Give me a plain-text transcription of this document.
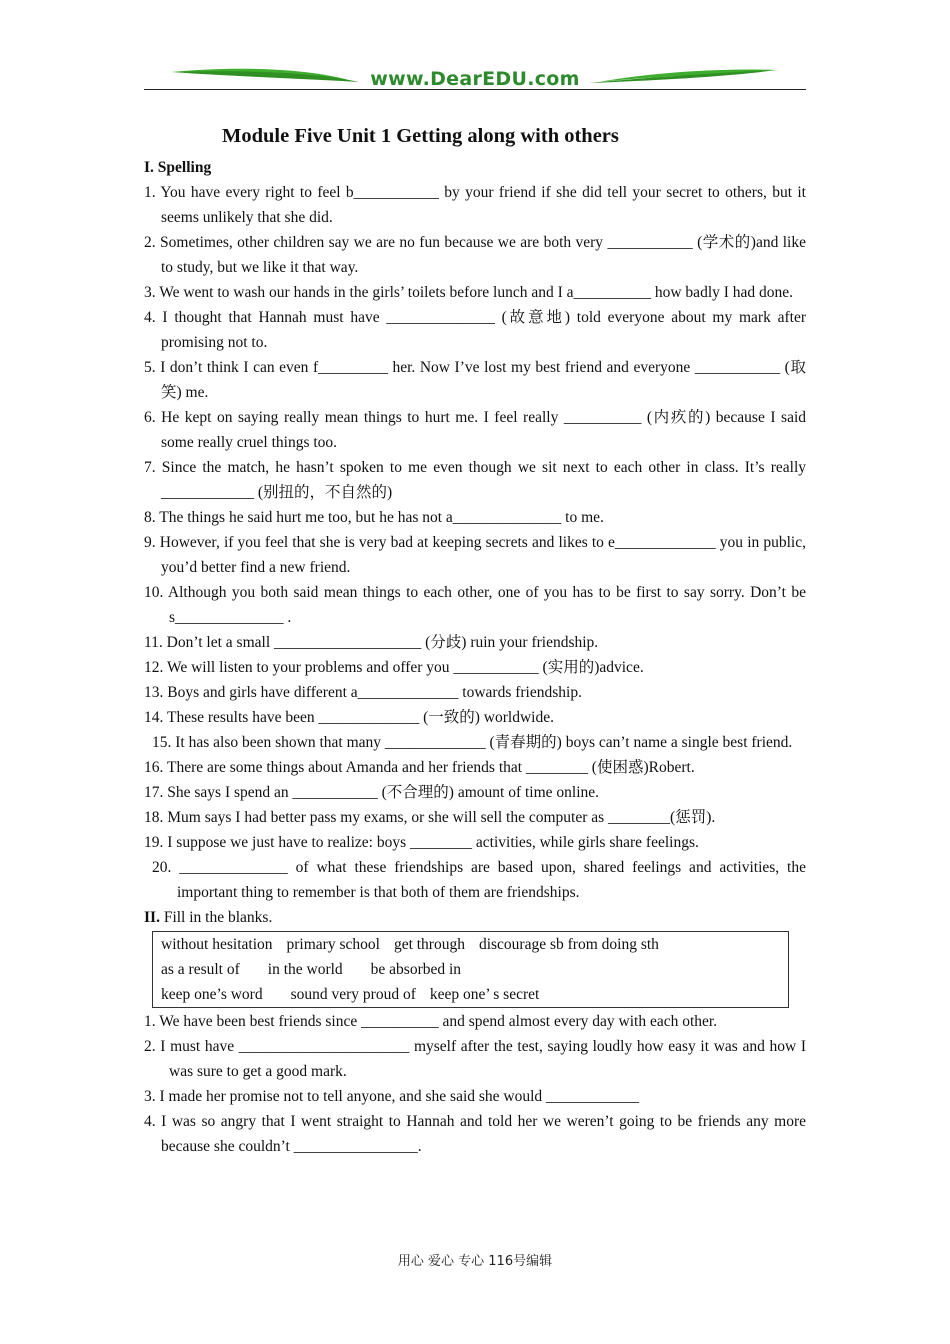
www.DearEDU.com
Module Five Unit 1 Getting along with others
I. Spelling
1. You have every right to feel b___________ by your friend if she did tell your secret to others, but it seems unlikely that she did.
2. Sometimes, other children say we are no fun because we are both very ___________ (学术的)and like to study, but we like it that way.
3. We went to wash our hands in the girls’ toilets before lunch and I a__________ how badly I had done.
4. I thought that Hannah must have ______________ (故意地) told everyone about my mark after promising not to.
5. I don’t think I can even f_________ her. Now I’ve lost my best friend and everyone ___________ (取笑) me.
6. He kept on saying really mean things to hurt me. I feel really __________ (内疚的) because I said some really cruel things too.
7. Since the match, he hasn’t spoken to me even though we sit next to each other in class. It’s really ____________ (别扭的，不自然的)
8. The things he said hurt me too, but he has not a______________ to me.
9. However, if you feel that she is very bad at keeping secrets and likes to e_____________ you in public, you’d better find a new friend.
10. Although you both said mean things to each other, one of you has to be first to say sorry. Don’t be s______________ .
11. Don’t let a small ___________________ (分歧) ruin your friendship.
12. We will listen to your problems and offer you ___________ (实用的)advice.
13. Boys and girls have different a_____________ towards friendship.
14. These results have been _____________ (一致的) worldwide.
15. It has also been shown that many _____________ (青春期的) boys can’t name a single best friend.
16. There are some things about Amanda and her friends that ________ (使困惑)Robert.
17. She says I spend an ___________ (不合理的) amount of time online.
18. Mum says I had better pass my exams, or she will sell the computer as ________(惩罚).
19. I suppose we just have to realize: boys ________ activities, while girls share feelings.
20. ______________ of what these friendships are based upon, shared feelings and activities, the important thing to remember is that both of them are friendships.
II. Fill in the blanks.
without hesitation primary school get through discourage sb from doing sth
as a result of in the world be absorbed in
keep one’s word sound very proud of keep one’ s secret
1. We have been best friends since __________ and spend almost every day with each other.
2. I must have ______________________ myself after the test, saying loudly how easy it was and how I was sure to get a good mark.
3. I made her promise not to tell anyone, and she said she would ____________
4. I was so angry that I went straight to Hannah and told her we weren’t going to be friends any more because she couldn’t ________________.
用心 爱心 专心 116号编辑
